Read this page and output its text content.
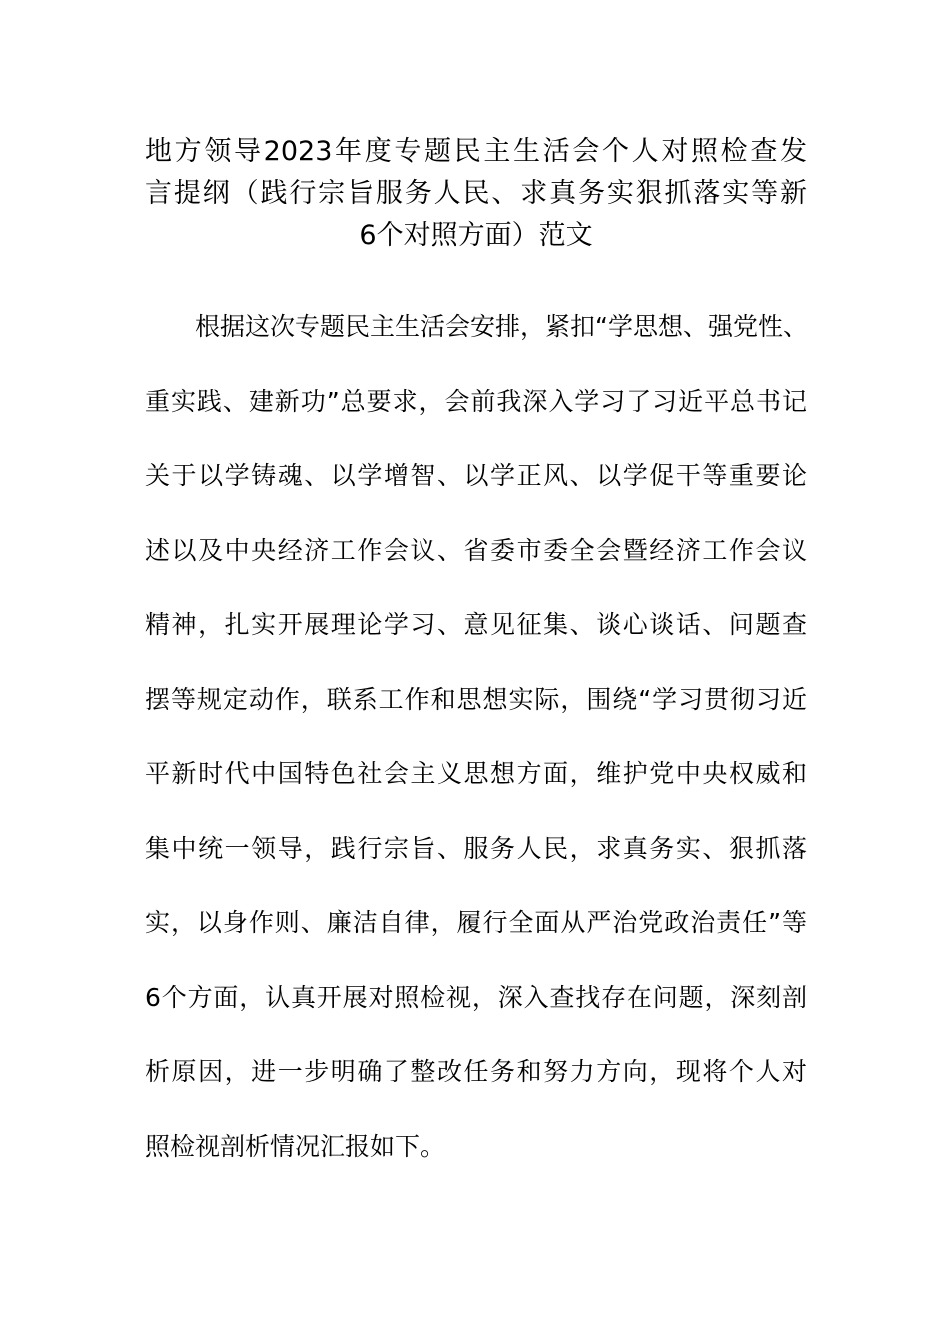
地方领导2023年度专题民主生活会个人对照检查发
言提纲（践行宗旨服务人民、求真务实狠抓落实等新
6个对照方面）范文
根据这次专题民主生活会安排，紧扣“学思想、强党性、
重实践、建新功”总要求，会前我深入学习了习近平总书记
关于以学铸魂、以学增智、以学正风、以学促干等重要论
述以及中央经济工作会议、省委市委全会暨经济工作会议
精神，扎实开展理论学习、意见征集、谈心谈话、问题查
摆等规定动作，联系工作和思想实际，围绕“学习贯彻习近
平新时代中国特色社会主义思想方面，维护党中央权威和
集中统一领导，践行宗旨、服务人民，求真务实、狠抓落
实，以身作则、廉洁自律，履行全面从严治党政治责任”等
6个方面，认真开展对照检视，深入查找存在问题，深刻剖
析原因，进一步明确了整改任务和努力方向，现将个人对
照检视剖析情况汇报如下。
